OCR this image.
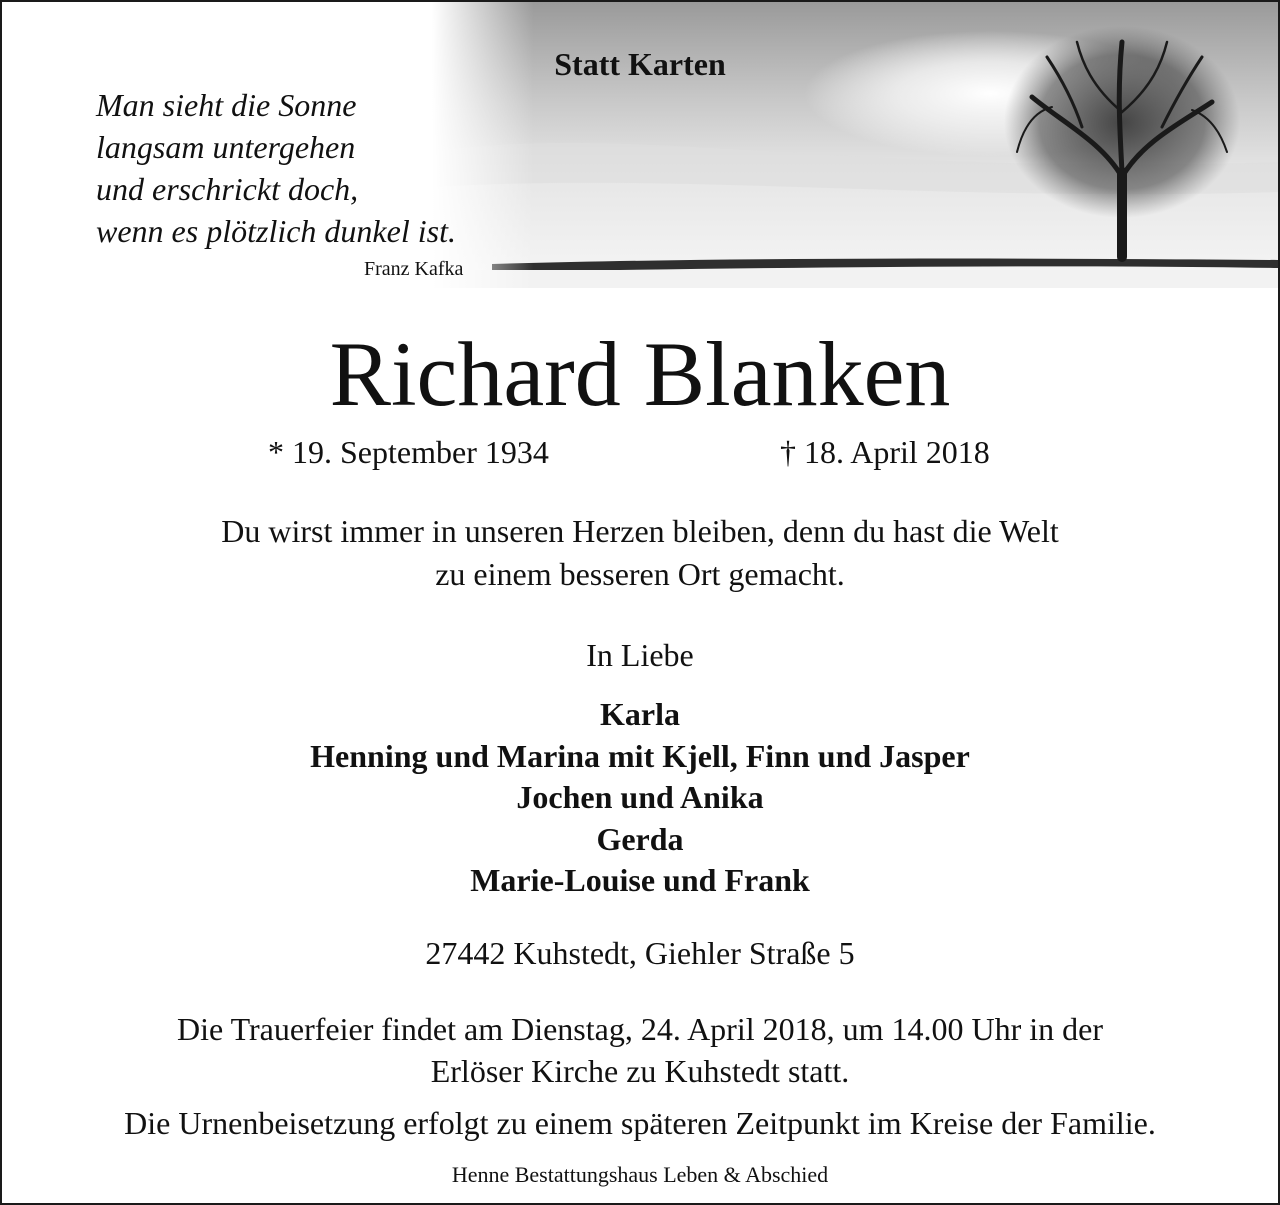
Statt Karten
Man sieht die Sonne
langsam untergehen
und erschrickt doch,
wenn es plötzlich dunkel ist.
Franz Kafka
Richard Blanken
* 19. September 1934	† 18. April 2018
Du wirst immer in unseren Herzen bleiben, denn du hast die Welt
zu einem besseren Ort gemacht.
In Liebe
Karla
Henning und Marina mit Kjell, Finn und Jasper
Jochen und Anika
Gerda
Marie-Louise und Frank
27442 Kuhstedt, Giehler Straße 5
Die Trauerfeier findet am Dienstag, 24. April 2018, um 14.00 Uhr in der
Erlöser Kirche zu Kuhstedt statt.
Die Urnenbeisetzung erfolgt zu einem späteren Zeitpunkt im Kreise der Familie.
Henne Bestattungshaus Leben & Abschied
